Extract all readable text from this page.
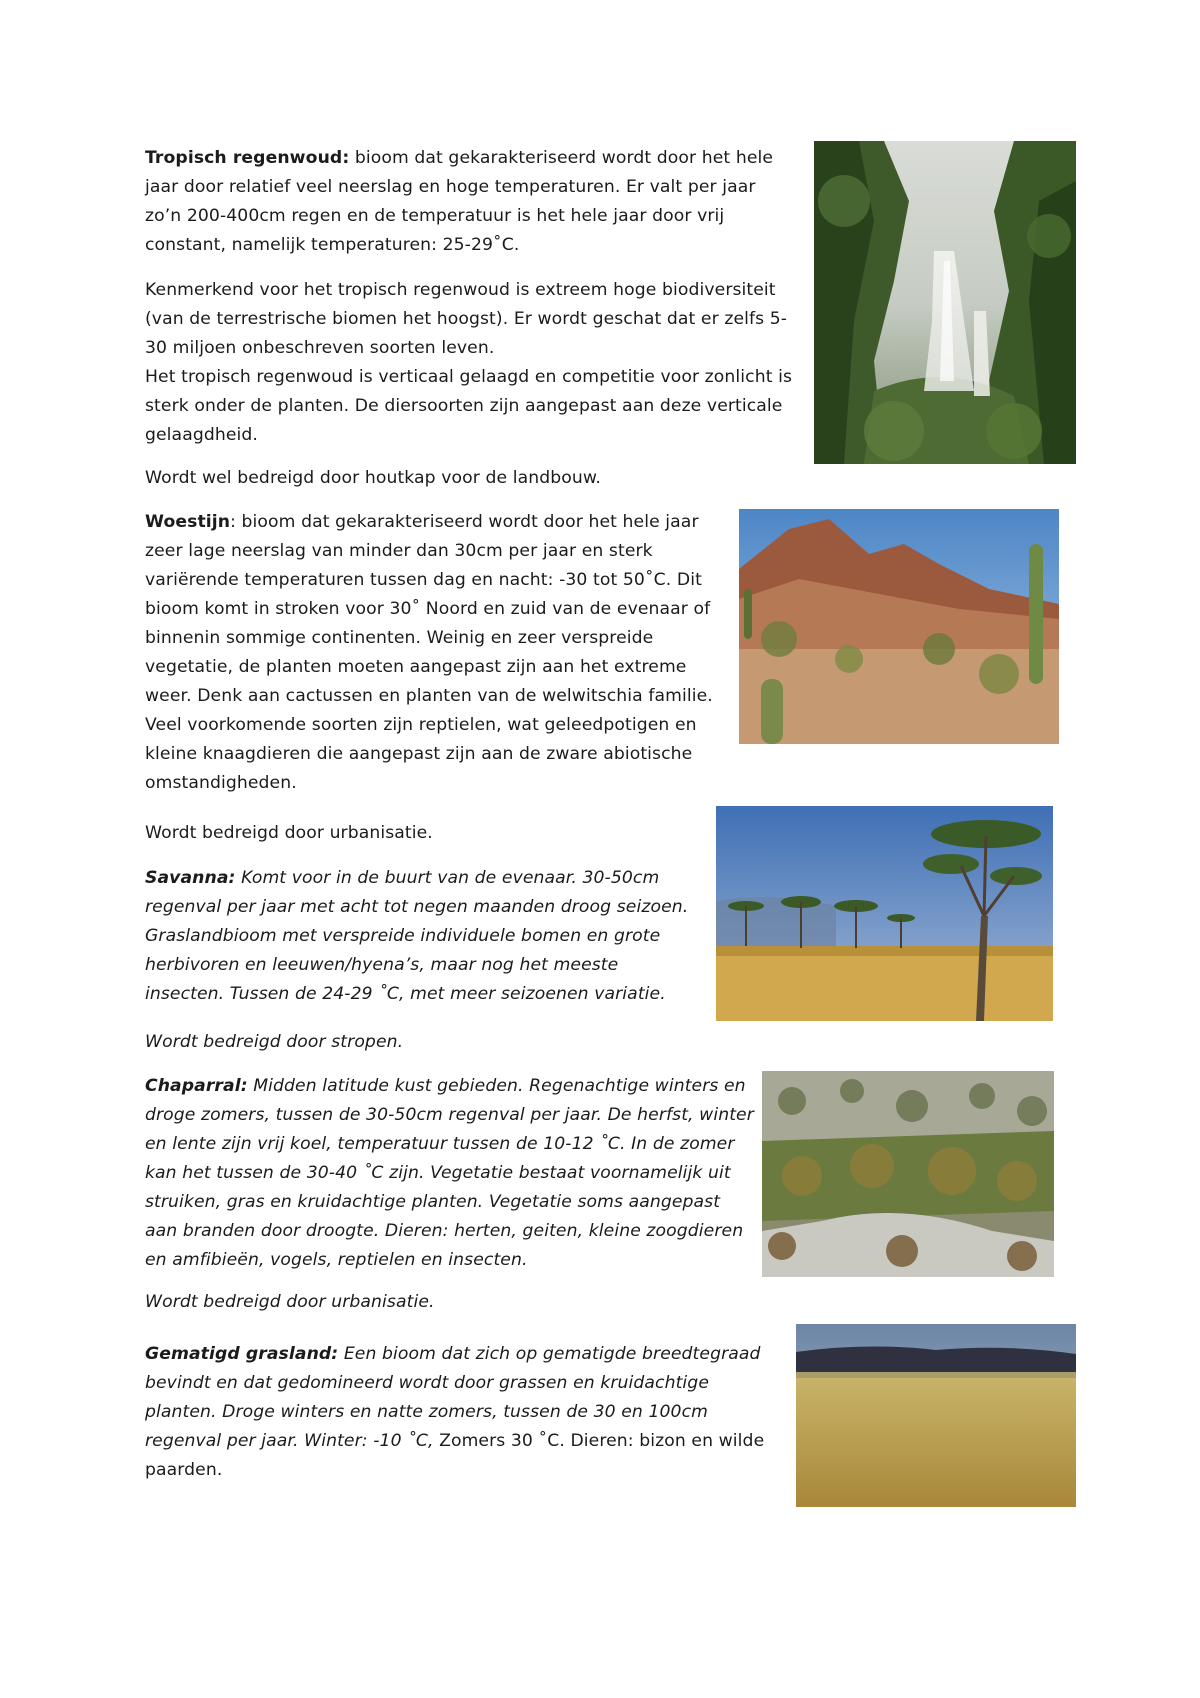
Tropisch regenwoud: bioom dat gekarakteriseerd wordt door het hele jaar door relatief veel neerslag en hoge temperaturen. Er valt per jaar zo’n 200-400cm regen en de temperatuur is het hele jaar door vrij constant, namelijk temperaturen: 25-29˚C.

Kenmerkend voor het tropisch regenwoud is extreem hoge biodiversiteit (van de terrestrische biomen het hoogst). Er wordt geschat dat er zelfs 5-30 miljoen onbeschreven soorten leven.
Het tropisch regenwoud is verticaal gelaagd en competitie voor zonlicht is sterk onder de planten. De diersoorten zijn aangepast aan deze verticale gelaagdheid.

Wordt wel bedreigd door houtkap voor de landbouw.

Woestijn: bioom dat gekarakteriseerd wordt door het hele jaar zeer lage neerslag van minder dan 30cm per jaar en sterk variërende temperaturen tussen dag en nacht: -30 tot 50˚C. Dit bioom komt in stroken voor 30˚ Noord en zuid van de evenaar of binnenin sommige continenten. Weinig en zeer verspreide vegetatie, de planten moeten aangepast zijn aan het extreme weer. Denk aan cactussen en planten van de welwitschia familie. Veel voorkomende soorten zijn reptielen, wat geleedpotigen en kleine knaagdieren die aangepast zijn aan de zware abiotische omstandigheden.

Wordt bedreigd door urbanisatie.

Savanna: Komt voor in de buurt van de evenaar. 30-50cm regenval per jaar met acht tot negen maanden droog seizoen. Graslandbioom met verspreide individuele bomen en grote herbivoren en leeuwen/hyena’s, maar nog het meeste insecten. Tussen de 24-29 ˚C, met meer seizoenen variatie.

Wordt bedreigd door stropen.

Chaparral: Midden latitude kust gebieden. Regenachtige winters en droge zomers, tussen de 30-50cm regenval per jaar. De herfst, winter en lente zijn vrij koel, temperatuur tussen de 10-12 ˚C. In de zomer kan het tussen de 30-40 ˚C zijn. Vegetatie bestaat voornamelijk uit struiken, gras en kruidachtige planten. Vegetatie soms aangepast aan branden door droogte. Dieren: herten, geiten, kleine zoogdieren en amfibieën, vogels, reptielen en insecten.

Wordt bedreigd door urbanisatie.

Gematigd grasland: Een bioom dat zich op gematigde breedtegraad bevindt en dat gedomineerd wordt door grassen en kruidachtige planten. Droge winters en natte zomers, tussen de 30 en 100cm regenval per jaar. Winter: -10 ˚C, Zomers 30 ˚C. Dieren: bizon en wilde paarden.
